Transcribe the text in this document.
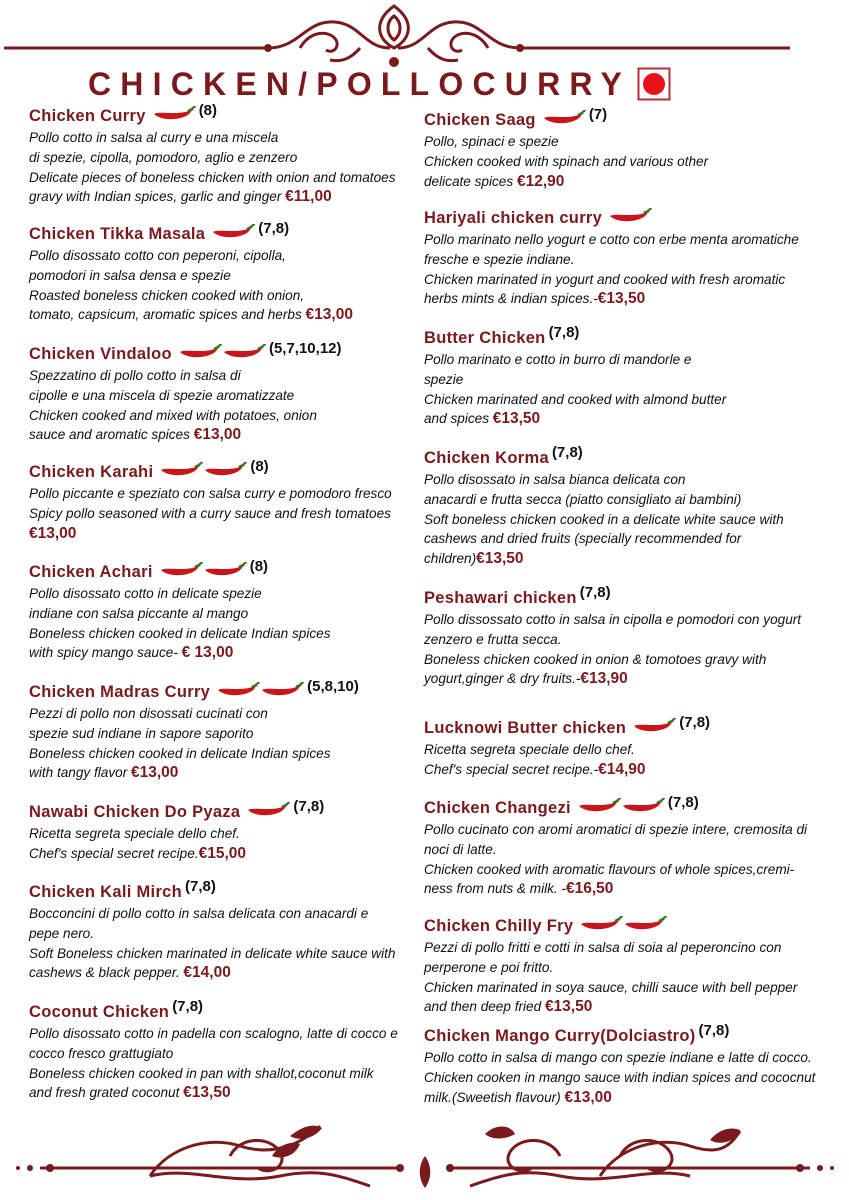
CHICKEN/POLLOCURRY
Chicken Curry	(8)
Pollo cotto in salsa al curry e una miscela
di spezie, cipolla, pomodoro, aglio e zenzero
Delicate pieces of boneless chicken with onion and tomatoes
gravy with Indian spices, garlic and ginger €11,00
Chicken Tikka Masala	(7,8)
Pollo disossato cotto con peperoni, cipolla,
pomodori in salsa densa e spezie
Roasted boneless chicken cooked with onion,
tomato, capsicum, aromatic spices and herbs €13,00
Chicken Vindaloo	(5,7,10,12)
Spezzatino di pollo cotto in salsa di
cipolle e una miscela di spezie aromatizzate
Chicken cooked and mixed with potatoes, onion
sauce and aromatic spices €13,00
Chicken Karahi	(8)
Pollo piccante e speziato con salsa curry e pomodoro fresco
Spicy pollo seasoned with a curry sauce and fresh tomatoes
€13,00
Chicken Achari	(8)
Pollo disossato cotto in delicate spezie
indiane con salsa piccante al mango
Boneless chicken cooked in delicate Indian spices
with spicy mango sauce- € 13,00
Chicken Madras Curry	(5,8,10)
Pezzi di pollo non disossati cucinati con
spezie sud indiane in sapore saporito
Boneless chicken cooked in delicate Indian spices
with tangy flavor €13,00
Nawabi Chicken Do Pyaza	(7,8)
Ricetta segreta speciale dello chef.
Chef's special secret recipe.€15,00
Chicken Kali Mirch (7,8)
Bocconcini di pollo cotto in salsa delicata con anacardi e
pepe nero.
Soft Boneless chicken marinated in delicate white sauce with
cashews & black pepper. €14,00
Coconut Chicken (7,8)
Pollo disossato cotto in padella con scalogno, latte di cocco e
cocco fresco grattugiato
Boneless chicken cooked in pan with shallot,coconut milk
and fresh grated coconut €13,50
Chicken Saag	(7)
Pollo, spinaci e spezie
Chicken cooked with spinach and various other
delicate spices €12,90
Hariyali chicken curry
Pollo marinato nello yogurt e cotto con erbe menta aromatiche
fresche e spezie indiane.
Chicken marinated in yogurt and cooked with fresh aromatic
herbs mints & indian spices.-€13,50
Butter Chicken (7,8)
Pollo marinato e cotto in burro di mandorle e
spezie
Chicken marinated and cooked with almond butter
and spices €13,50
Chicken Korma (7,8)
Pollo disossato in salsa bianca delicata con
anacardi e frutta secca (piatto consigliato ai bambini)
Soft boneless chicken cooked in a delicate white sauce with
cashews and dried fruits (specially recommended for
children)€13,50
Peshawari chicken (7,8)
Pollo dissossato cotto in salsa in cipolla e pomodori con yogurt
zenzero e frutta secca.
Boneless chicken cooked in onion & tomotoes gravy with
yogurt,ginger & dry fruits.-€13,90
Lucknowi Butter chicken	(7,8)
Ricetta segreta speciale dello chef.
Chef's special secret recipe.-€14,90
Chicken Changezi	(7,8)
Pollo cucinato con aromi aromatici di spezie intere, cremosita di
noci di latte.
Chicken cooked with aromatic flavours of whole spices,cremi-
ness from nuts & milk. -€16,50
Chicken Chilly Fry
Pezzi di pollo fritti e cotti in salsa di soia al peperoncino con
perperone e poi fritto.
Chicken marinated in soya sauce, chilli sauce with bell pepper
and then deep fried €13,50
Chicken Mango Curry(Dolciastro) (7,8)
Pollo cotto in salsa di mango con spezie indiane e latte di cocco.
Chicken cooken in mango sauce with indian spices and cococnut
milk.(Sweetish flavour) €13,00
